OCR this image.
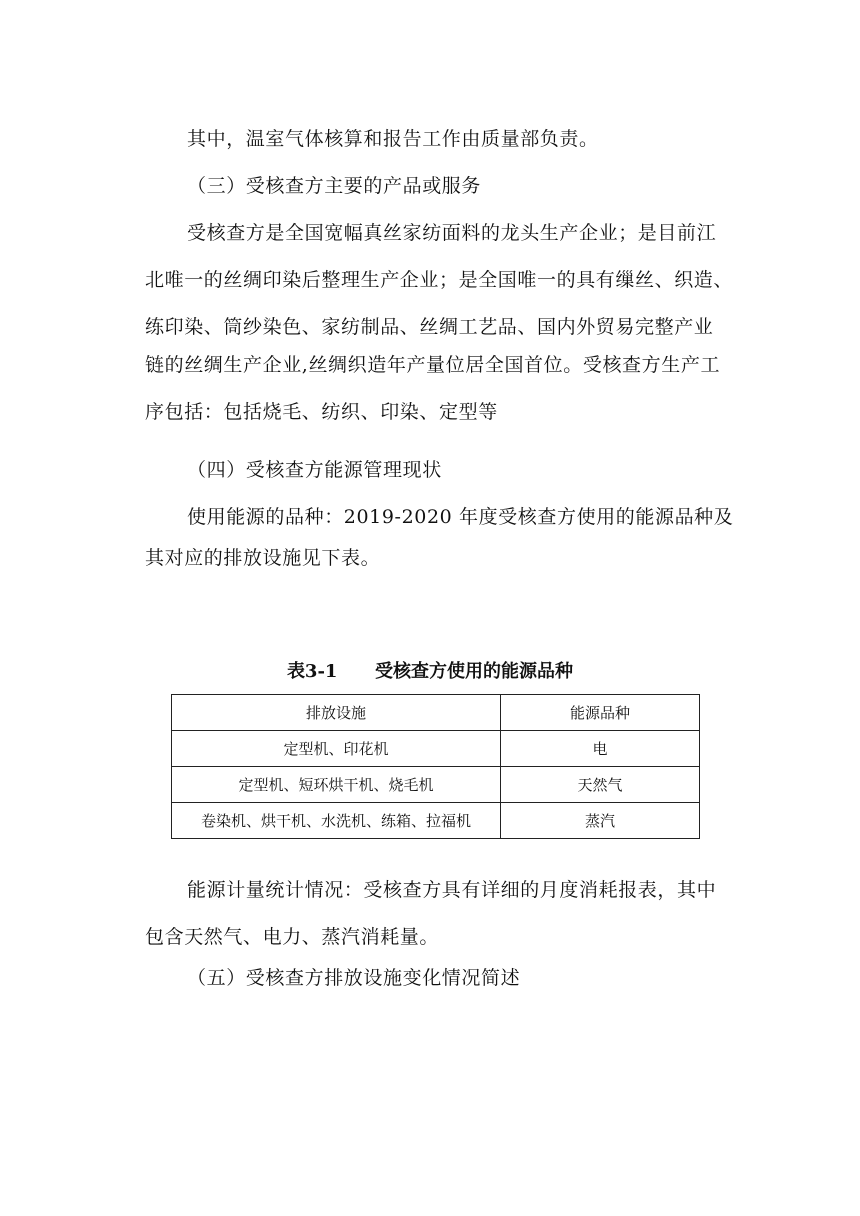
其中，温室气体核算和报告工作由质量部负责。
（三）受核查方主要的产品或服务
受核查方是全国宽幅真丝家纺面料的龙头生产企业；是目前江
北唯一的丝绸印染后整理生产企业；是全国唯一的具有缫丝、织造、
练印染、筒纱染色、家纺制品、丝绸工艺品、国内外贸易完整产业
链的丝绸生产企业,丝绸织造年产量位居全国首位。受核查方生产工
序包括：包括烧毛、纺织、印染、定型等
（四）受核查方能源管理现状
使用能源的品种：2019-2020 年度受核查方使用的能源品种及
其对应的排放设施见下表。
表3-1      受核查方使用的能源品种
排放设施	能源品种
定型机、印花机	电
定型机、短环烘干机、烧毛机	天然气
卷染机、烘干机、水洗机、练箱、拉福机	蒸汽
能源计量统计情况：受核查方具有详细的月度消耗报表，其中
包含天然气、电力、蒸汽消耗量。
（五）受核查方排放设施变化情况简述
